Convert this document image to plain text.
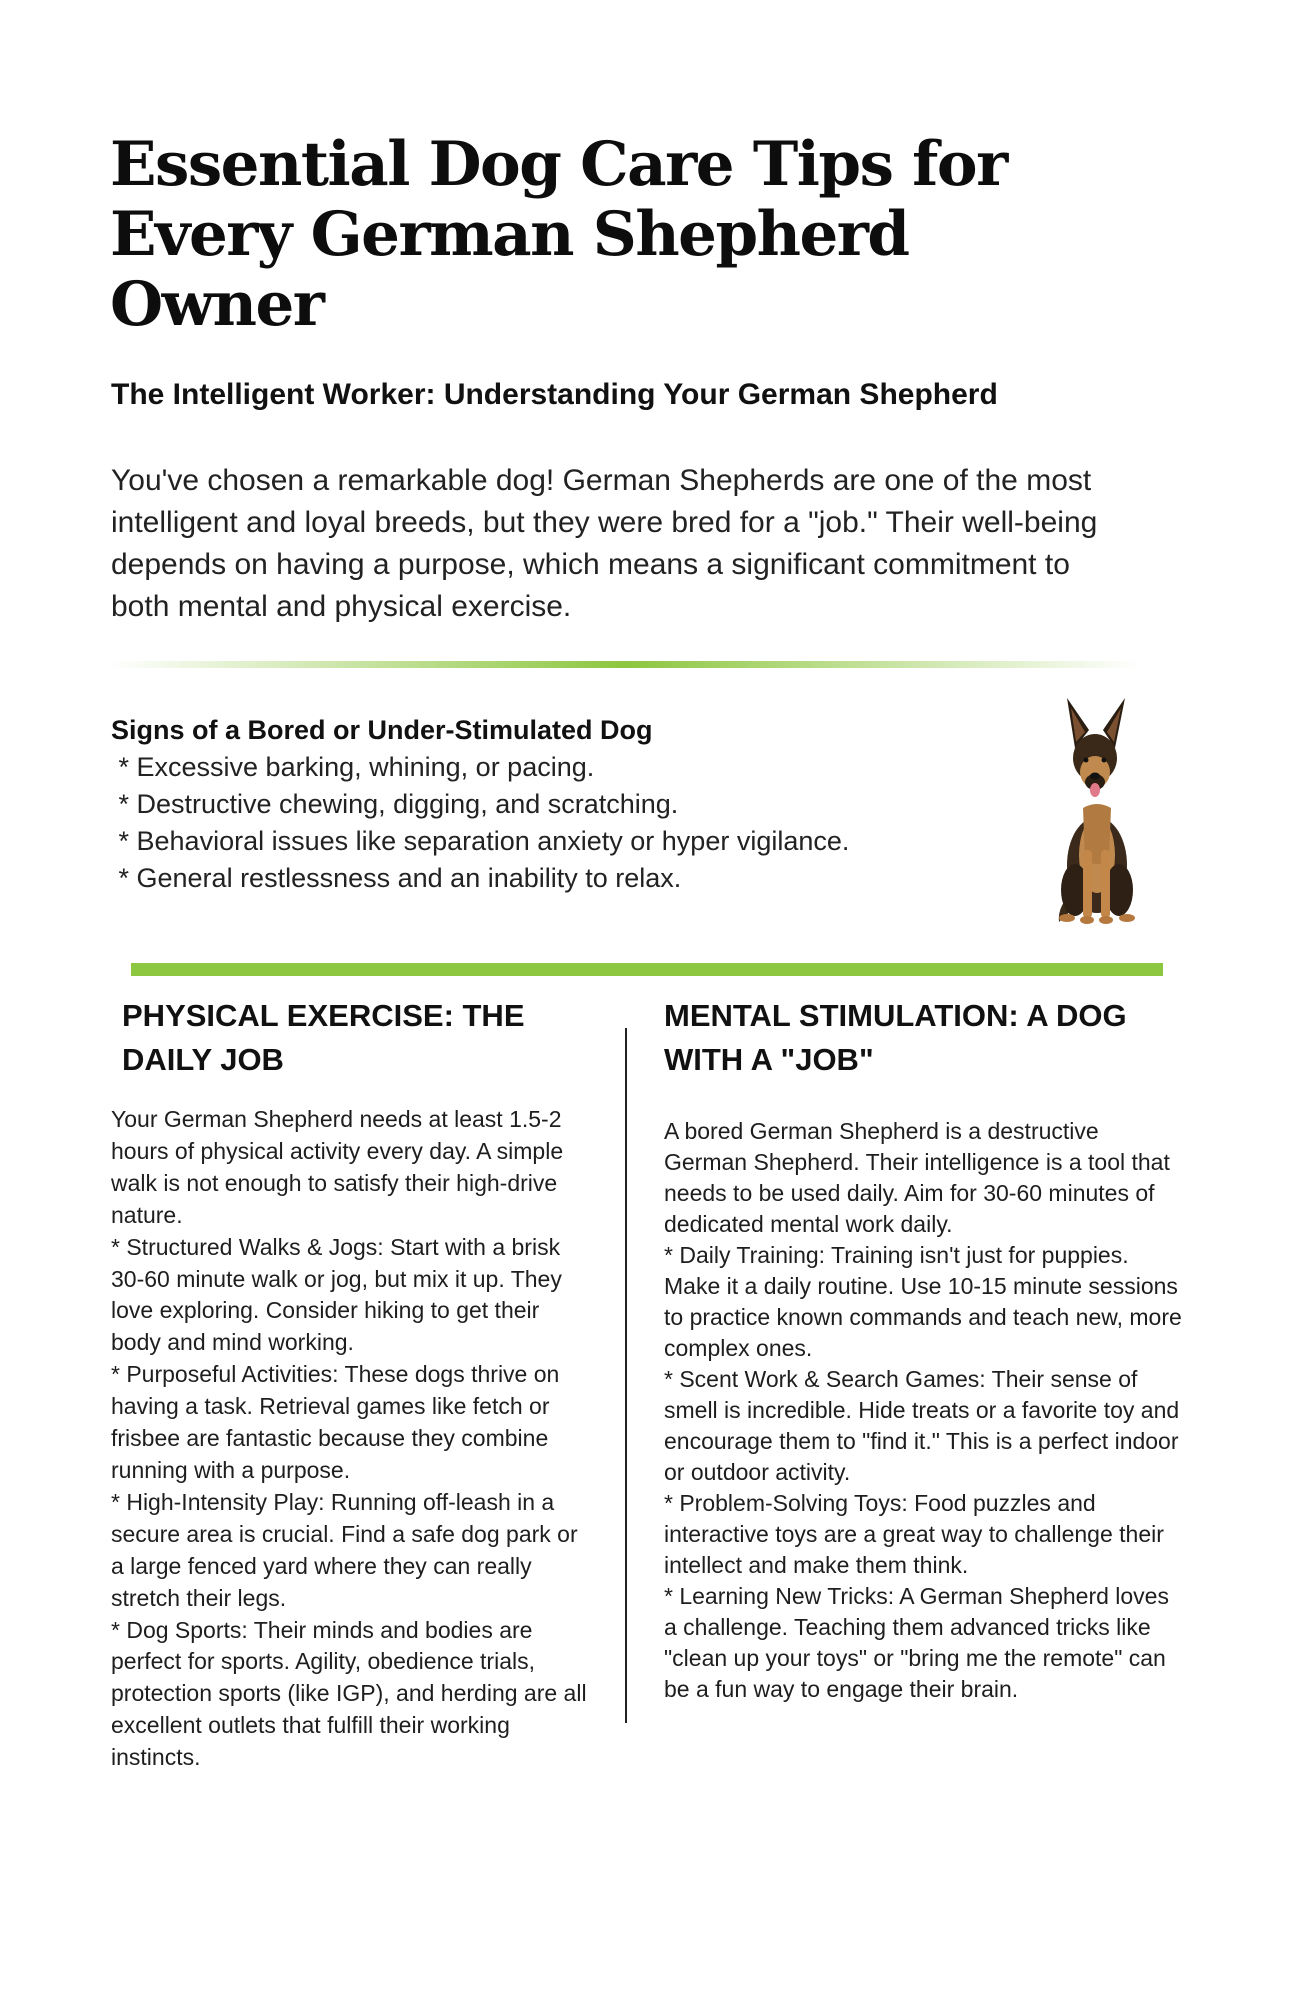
Essential Dog Care Tips for Every German Shepherd Owner
The Intelligent Worker: Understanding Your German Shepherd

You've chosen a remarkable dog! German Shepherds are one of the most intelligent and loyal breeds, but they were bred for a "job." Their well-being depends on having a purpose, which means a significant commitment to both mental and physical exercise.

Signs of a Bored or Under-Stimulated Dog
* Excessive barking, whining, or pacing.
* Destructive chewing, digging, and scratching.
* Behavioral issues like separation anxiety or hyper vigilance.
* General restlessness and an inability to relax.
PHYSICAL EXERCISE: THE DAILY JOB

Your German Shepherd needs at least 1.5-2 hours of physical activity every day. A simple walk is not enough to satisfy their high-drive nature.

* Structured Walks & Jogs: Start with a brisk 30-60 minute walk or jog, but mix it up. They love exploring. Consider hiking to get their body and mind working.

* Purposeful Activities: These dogs thrive on having a task. Retrieval games like fetch or frisbee are fantastic because they combine running with a purpose.

* High-Intensity Play: Running off-leash in a secure area is crucial. Find a safe dog park or a large fenced yard where they can really stretch their legs.

* Dog Sports: Their minds and bodies are perfect for sports. Agility, obedience trials, protection sports (like IGP), and herding are all excellent outlets that fulfill their working instincts.

MENTAL STIMULATION: A DOG WITH A "JOB"

A bored German Shepherd is a destructive German Shepherd. Their intelligence is a tool that needs to be used daily. Aim for 30-60 minutes of dedicated mental work daily.

* Daily Training: Training isn't just for puppies. Make it a daily routine. Use 10-15 minute sessions to practice known commands and teach new, more complex ones.

* Scent Work & Search Games: Their sense of smell is incredible. Hide treats or a favorite toy and encourage them to "find it." This is a perfect indoor or outdoor activity.

* Problem-Solving Toys: Food puzzles and interactive toys are a great way to challenge their intellect and make them think.

* Learning New Tricks: A German Shepherd loves a challenge. Teaching them advanced tricks like "clean up your toys" or "bring me the remote" can be a fun way to engage their brain.
